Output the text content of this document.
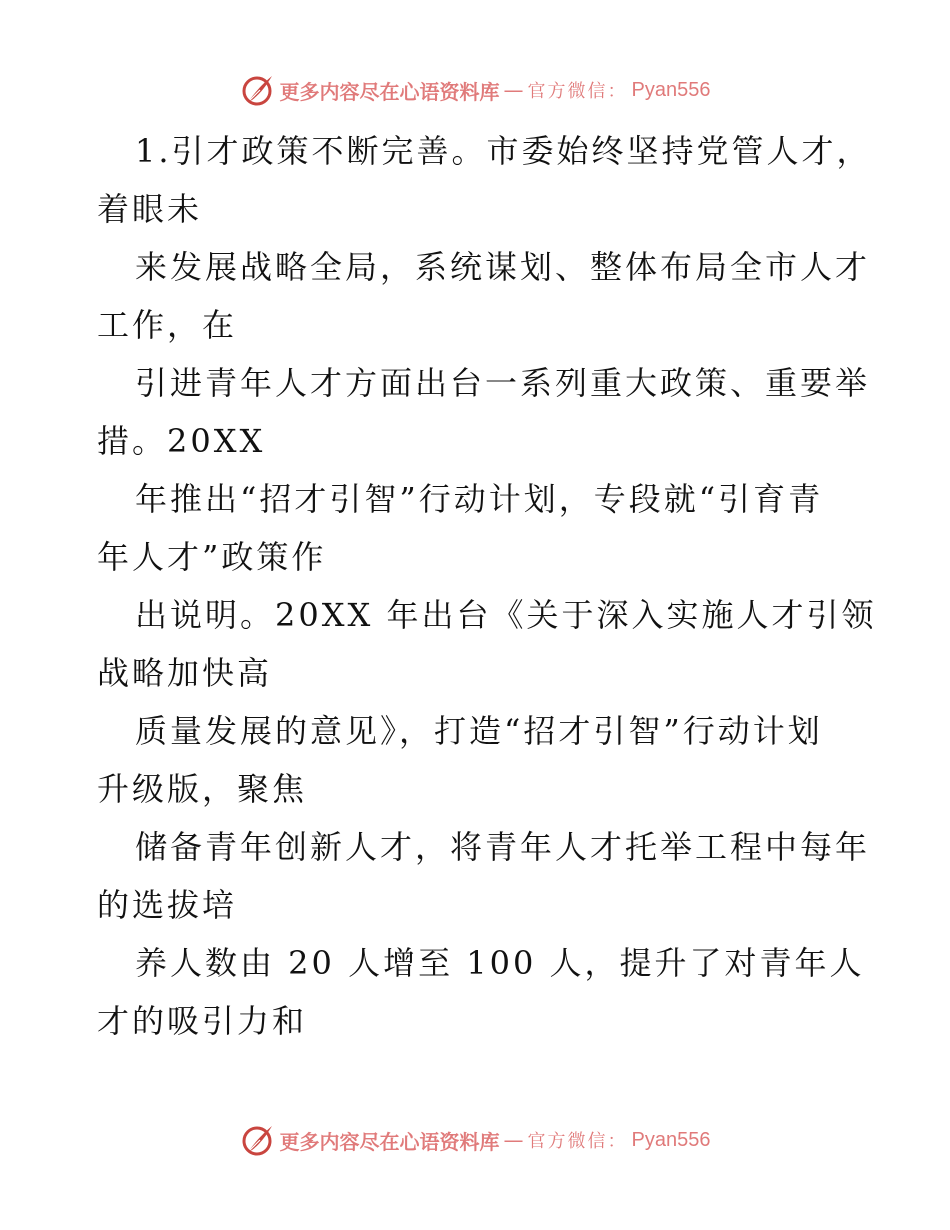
更多内容尽在心语资料库 — 官方微信： Pyan556
1.引才政策不断完善。市委始终坚持党管人才，
着眼未
来发展战略全局，系统谋划、整体布局全市人才
工作，在
引进青年人才方面出台一系列重大政策、重要举
措。20XX
年推出“招才引智”行动计划，专段就“引育青
年人才”政策作
出说明。20XX 年出台《关于深入实施人才引领
战略加快高
质量发展的意见》，打造“招才引智”行动计划
升级版，聚焦
储备青年创新人才，将青年人才托举工程中每年
的选拔培
养人数由 20 人增至 100 人，提升了对青年人
才的吸引力和
更多内容尽在心语资料库 — 官方微信： Pyan556
